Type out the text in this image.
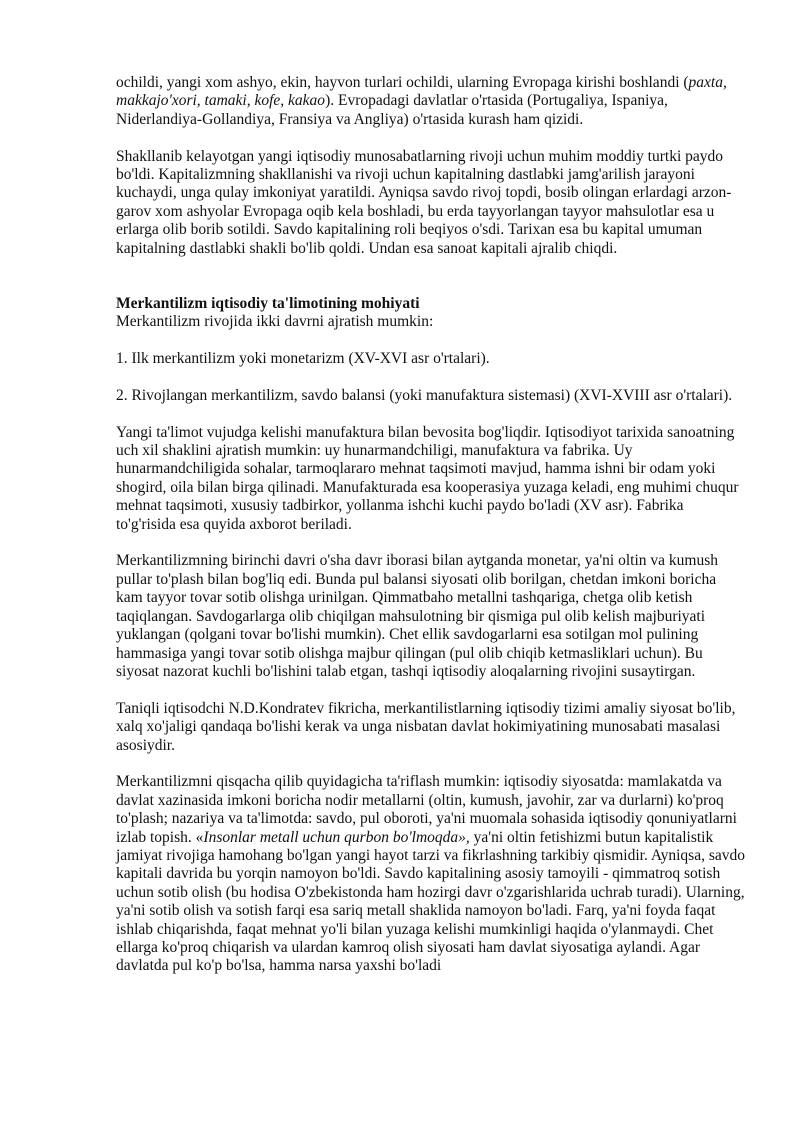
ochildi, yangi xom ashyo, ekin, hayvon turlari ochildi, ularning Evropaga kirishi boshlandi (paxta, makkajo'xori, tamaki, kofe, kakao). Evropadagi davlatlar o'rtasida (Portugaliya, Ispaniya, Niderlandiya-Gollandiya, Fransiya va Angliya) o'rtasida kurash ham qizidi.

Shakllanib kelayotgan yangi iqtisodiy munosabatlarning rivoji uchun muhim moddiy turtki paydo bo'ldi. Kapitalizmning shakllanishi va rivoji uchun kapitalning dastlabki jamg'arilish jarayoni kuchaydi, unga qulay imkoniyat yaratildi. Ayniqsa savdo rivoj topdi, bosib olingan erlardagi arzon-garov xom ashyolar Evropaga oqib kela boshladi, bu erda tayyorlangan tayyor mahsulotlar esa u erlarga olib borib sotildi. Savdo kapitalining roli beqiyos o'sdi. Tarixan esa bu kapital umuman kapitalning dastlabki shakli bo'lib qoldi. Undan esa sanoat kapitali ajralib chiqdi.

Merkantilizm iqtisodiy ta'limotining mohiyati

Merkantilizm rivojida ikki davrni ajratish mumkin:

1. Ilk merkantilizm yoki monetarizm (XV-XVI asr o'rtalari).

2. Rivojlangan merkantilizm, savdo balansi (yoki manufaktura sistemasi) (XVI-XVIII asr o'rtalari).

Yangi ta'limot vujudga kelishi manufaktura bilan bevosita bog'liqdir. Iqtisodiyot tarixida sanoatning uch xil shaklini ajratish mumkin: uy hunarmandchiligi, manufaktura va fabrika. Uy hunarmandchiligida sohalar, tarmoqlararo mehnat taqsimoti mavjud, hamma ishni bir odam yoki shogird, oila bilan birga qilinadi. Manufakturada esa kooperasiya yuzaga keladi, eng muhimi chuqur mehnat taqsimoti, xususiy tadbirkor, yollanma ishchi kuchi paydo bo'ladi (XV asr). Fabrika to'g'risida esa quyida axborot beriladi.

Merkantilizmning birinchi davri o'sha davr iborasi bilan aytganda monetar, ya'ni oltin va kumush pullar to'plash bilan bog'liq edi. Bunda pul balansi siyosati olib borilgan, chetdan imkoni boricha kam tayyor tovar sotib olishga urinilgan. Qimmatbaho metallni tashqariga, chetga olib ketish taqiqlangan. Savdogarlarga olib chiqilgan mahsulotning bir qismiga pul olib kelish majburiyati yuklangan (qolgani tovar bo'lishi mumkin). Chet ellik savdogarlarni esa sotilgan mol pulining hammasiga yangi tovar sotib olishga majbur qilingan (pul olib chiqib ketmasliklari uchun). Bu siyosat nazorat kuchli bo'lishini talab etgan, tashqi iqtisodiy aloqalarning rivojini susaytirgan.

Taniqli iqtisodchi N.D.Kondratev fikricha, merkantilistlarning iqtisodiy tizimi amaliy siyosat bo'lib, xalq xo'jaligi qandaqa bo'lishi kerak va unga nisbatan davlat hokimiyatining munosabati masalasi asosiydir.

Merkantilizmni qisqacha qilib quyidagicha ta'riflash mumkin: iqtisodiy siyosatda: mamlakatda va davlat xazinasida imkoni boricha nodir metallarni (oltin, kumush, javohir, zar va durlarni) ko'proq to'plash; nazariya va ta'limotda: savdo, pul oboroti, ya'ni muomala sohasida iqtisodiy qonuniyatlarni izlab topish. «Insonlar metall uchun qurbon bo'lmoqda», ya'ni oltin fetishizmi butun kapitalistik jamiyat rivojiga hamohang bo'lgan yangi hayot tarzi va fikrlashning tarkibiy qismidir. Ayniqsa, savdo kapitali davrida bu yorqin namoyon bo'ldi. Savdo kapitalining asosiy tamoyili - qimmatroq sotish uchun sotib olish (bu hodisa O'zbekistonda ham hozirgi davr o'zgarishlarida uchrab turadi). Ularning, ya'ni sotib olish va sotish farqi esa sariq metall shaklida namoyon bo'ladi. Farq, ya'ni foyda faqat ishlab chiqarishda, faqat mehnat yo'li bilan yuzaga kelishi mumkinligi haqida o'ylanmaydi. Chet ellarga ko'proq chiqarish va ulardan kamroq olish siyosati ham davlat siyosatiga aylandi. Agar davlatda pul ko'p bo'lsa, hamma narsa yaxshi bo'ladi
